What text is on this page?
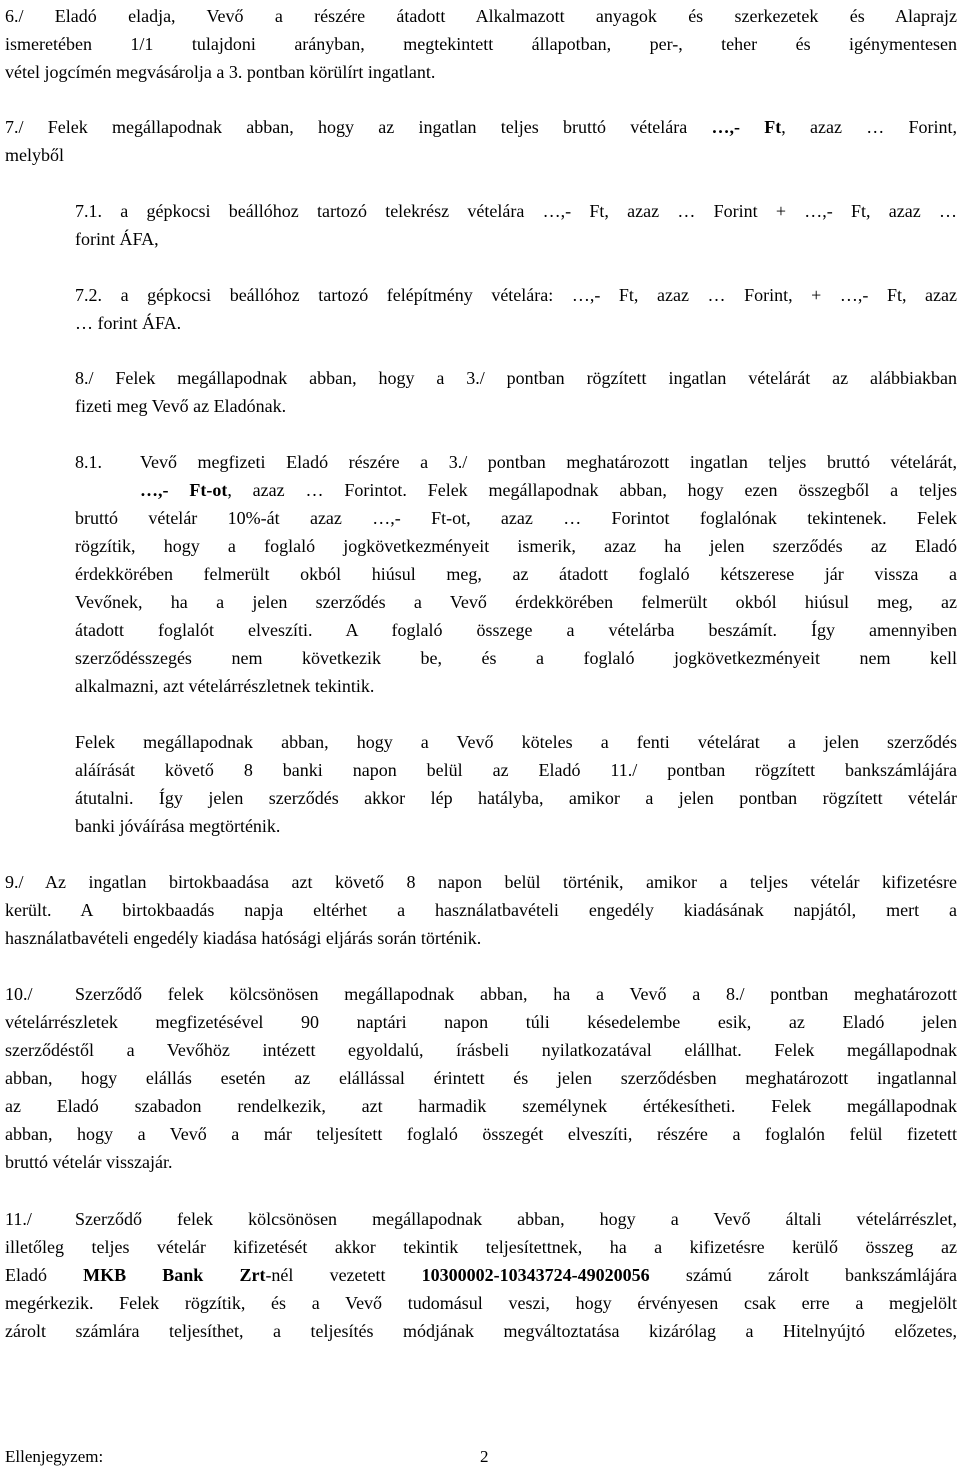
6./ Eladó eladja, Vevő a részére átadott Alkalmazott anyagok és szerkezetek és Alaprajz
ismeretében 1/1 tulajdoni arányban, megtekintett állapotban, per-, teher és igénymentesen
vétel jogcímén megvásárolja a 3. pontban körülírt ingatlant.
7./ Felek megállapodnak abban, hogy az ingatlan teljes bruttó vételára …,- Ft, azaz … Forint,
melyből
7.1. a gépkocsi beállóhoz tartozó telekrész vételára …,- Ft, azaz … Forint + …,- Ft, azaz …
forint ÁFA,
7.2. a gépkocsi beállóhoz tartozó felépítmény vételára: …,- Ft, azaz … Forint, + …,- Ft, azaz
… forint ÁFA.
8./ Felek megállapodnak abban, hogy a 3./ pontban rögzített ingatlan vételárát az alábbiakban
fizeti meg Vevő az Eladónak.
8.1.	Vevő megfizeti Eladó részére a 3./ pontban meghatározott ingatlan teljes bruttó vételárát,
…,- Ft-ot, azaz … Forintot. Felek megállapodnak abban, hogy ezen összegből a teljes
bruttó vételár 10%-át azaz …,- Ft-ot, azaz … Forintot foglalónak tekintenek. Felek
rögzítik, hogy a foglaló jogkövetkezményeit ismerik, azaz ha jelen szerződés az Eladó
érdekkörében felmerült okból hiúsul meg, az átadott foglaló kétszerese jár vissza a
Vevőnek, ha a jelen szerződés a Vevő érdekkörében felmerült okból hiúsul meg, az
átadott foglalót elveszíti. A foglaló összege a vételárba beszámít. Így amennyiben
szerződésszegés nem következik be, és a foglaló jogkövetkezményeit nem kell
alkalmazni, azt vételárrészletnek tekintik.
Felek megállapodnak abban, hogy a Vevő köteles a fenti vételárat a jelen szerződés
aláírását követő 8 banki napon belül az Eladó 11./ pontban rögzített bankszámlájára
átutalni. Így jelen szerződés akkor lép hatályba, amikor a jelen pontban rögzített vételár
banki jóváírása megtörténik.
9./ Az ingatlan birtokbaadása azt követő 8 napon belül történik, amikor a teljes vételár kifizetésre
került. A birtokbaadás napja eltérhet a használatbavételi engedély kiadásának napjától, mert a
használatbavételi engedély kiadása hatósági eljárás során történik.
10./	Szerződő felek kölcsönösen megállapodnak abban, ha a Vevő a 8./ pontban meghatározott
vételárrészletek megfizetésével 90 naptári napon túli késedelembe esik, az Eladó jelen
szerződéstől a Vevőhöz intézett egyoldalú, írásbeli nyilatkozatával elállhat. Felek megállapodnak
abban, hogy elállás esetén az elállással érintett és jelen szerződésben meghatározott ingatlannal
az Eladó szabadon rendelkezik, azt harmadik személynek értékesítheti. Felek megállapodnak
abban, hogy a Vevő a már teljesített foglaló összegét elveszíti, részére a foglalón felül fizetett
bruttó vételár visszajár.
11./	Szerződő felek kölcsönösen megállapodnak abban, hogy a Vevő általi vételárrészlet,
illetőleg teljes vételár kifizetését akkor tekintik teljesítettnek, ha a kifizetésre kerülő összeg az
Eladó MKB Bank Zrt-nél vezetett 10300002-10343724-49020056 számú zárolt bankszámlájára
megérkezik. Felek rögzítik, és a Vevő tudomásul veszi, hogy érvényesen csak erre a megjelölt
zárolt számlára teljesíthet, a teljesítés módjának megváltoztatása kizárólag a Hitelnyújtó előzetes,
Ellenjegyzem:	2
